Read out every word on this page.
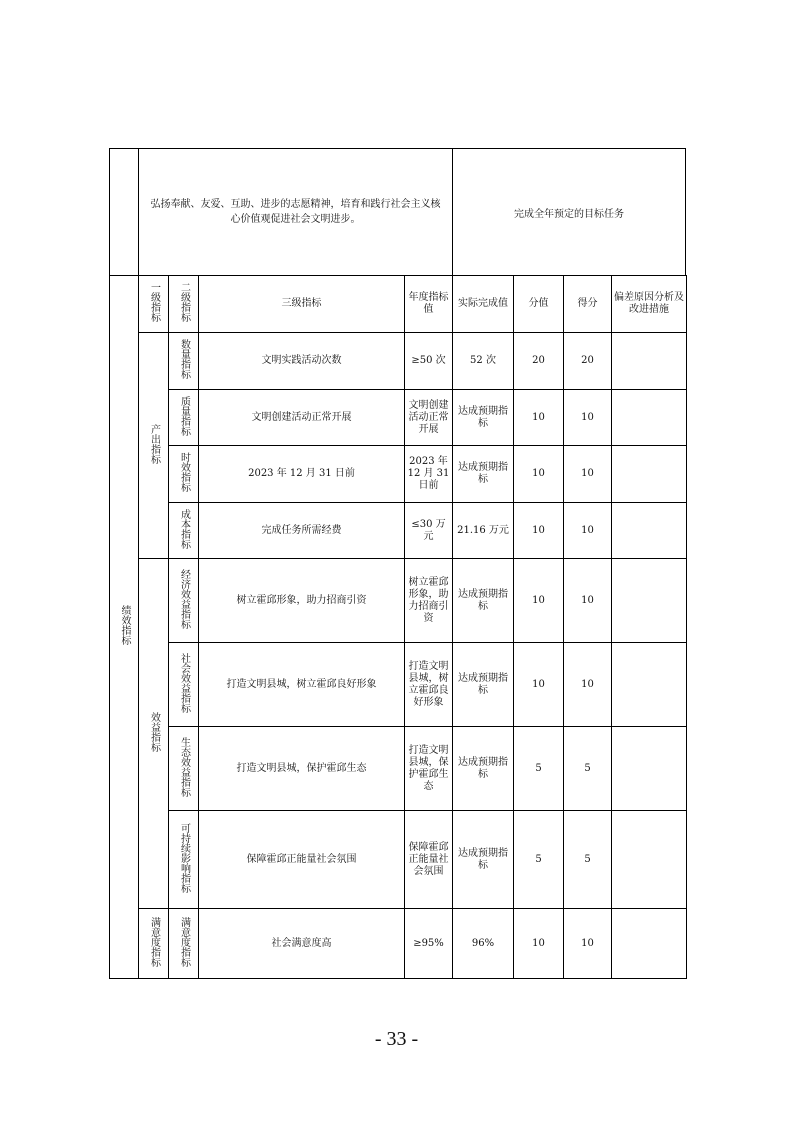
弘扬奉献、友爱、互助、进步的志愿精神，培育和践行社会主义核心价值观促进社会文明进步。	完成全年预定的目标任务
绩效指标	一级指标	二级指标	三级指标	年度指标值	实际完成值	分值	得分	偏差原因分析及改进措施
	产出指标	数量指标	文明实践活动次数	≥50 次	52 次	20	20	
		质量指标	文明创建活动正常开展	文明创建活动正常开展	达成预期指标	10	10	
		时效指标	2023 年 12 月 31 日前	2023 年 12 月 31 日前	达成预期指标	10	10	
		成本指标	完成任务所需经费	≤30 万元	21.16 万元	10	10	
	效益指标	经济效益指标	树立霍邱形象，助力招商引资	树立霍邱形象，助力招商引资	达成预期指标	10	10	
		社会效益指标	打造文明县城，树立霍邱良好形象	打造文明县城，树立霍邱良好形象	达成预期指标	10	10	
		生态效益指标	打造文明县城，保护霍邱生态	打造文明县城，保护霍邱生态	达成预期指标	5	5	
		可持续影响指标	保障霍邱正能量社会氛围	保障霍邱正能量社会氛围	达成预期指标	5	5	
	满意度指标	满意度指标	社会满意度高	≥95%	96%	10	10	
- 33 -
